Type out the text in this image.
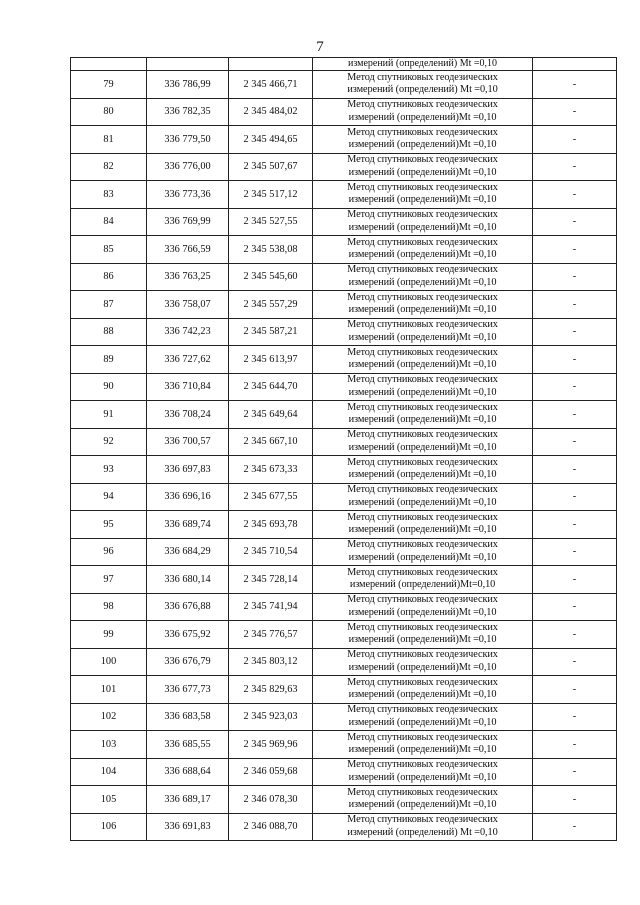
7
			измерений (определений) Mt =0,10	
79	336 786,99	2 345 466,71	Метод спутниковых геодезических
измерений (определений) Mt =0,10	-
80	336 782,35	2 345 484,02	Метод спутниковых геодезических
измерений (определений)Mt =0,10	-
81	336 779,50	2 345 494,65	Метод спутниковых геодезических
измерений (определений)Mt =0,10	-
82	336 776,00	2 345 507,67	Метод спутниковых геодезических
измерений (определений)Mt =0,10	-
83	336 773,36	2 345 517,12	Метод спутниковых геодезических
измерений (определений)Mt =0,10	-
84	336 769,99	2 345 527,55	Метод спутниковых геодезических
измерений (определений)Mt =0,10	-
85	336 766,59	2 345 538,08	Метод спутниковых геодезических
измерений (определений)Mt =0,10	-
86	336 763,25	2 345 545,60	Метод спутниковых геодезических
измерений (определений)Mt =0,10	-
87	336 758,07	2 345 557,29	Метод спутниковых геодезических
измерений (определений)Mt =0,10	-
88	336 742,23	2 345 587,21	Метод спутниковых геодезических
измерений (определений)Mt =0,10	-
89	336 727,62	2 345 613,97	Метод спутниковых геодезических
измерений (определений)Mt =0,10	-
90	336 710,84	2 345 644,70	Метод спутниковых геодезических
измерений (определений)Mt =0,10	-
91	336 708,24	2 345 649,64	Метод спутниковых геодезических
измерений (определений)Mt =0,10	-
92	336 700,57	2 345 667,10	Метод спутниковых геодезических
измерений (определений)Mt =0,10	-
93	336 697,83	2 345 673,33	Метод спутниковых геодезических
измерений (определений)Mt =0,10	-
94	336 696,16	2 345 677,55	Метод спутниковых геодезических
измерений (определений)Mt =0,10	-
95	336 689,74	2 345 693,78	Метод спутниковых геодезических
измерений (определений)Mt =0,10	-
96	336 684,29	2 345 710,54	Метод спутниковых геодезических
измерений (определений)Mt =0,10	-
97	336 680,14	2 345 728,14	Метод спутниковых геодезических
измерений (определений)Mt=0,10	-
98	336 676,88	2 345 741,94	Метод спутниковых геодезических
измерений (определений)Mt =0,10	-
99	336 675,92	2 345 776,57	Метод спутниковых геодезических
измерений (определений)Mt =0,10	-
100	336 676,79	2 345 803,12	Метод спутниковых геодезических
измерений (определений)Mt =0,10	-
101	336 677,73	2 345 829,63	Метод спутниковых геодезических
измерений (определений)Mt =0,10	-
102	336 683,58	2 345 923,03	Метод спутниковых геодезических
измерений (определений)Mt =0,10	-
103	336 685,55	2 345 969,96	Метод спутниковых геодезических
измерений (определений)Mt =0,10	-
104	336 688,64	2 346 059,68	Метод спутниковых геодезических
измерений (определений)Mt =0,10	-
105	336 689,17	2 346 078,30	Метод спутниковых геодезических
измерений (определений)Mt =0,10	-
106	336 691,83	2 346 088,70	Метод спутниковых геодезических
измерений (определений) Mt =0,10	-
